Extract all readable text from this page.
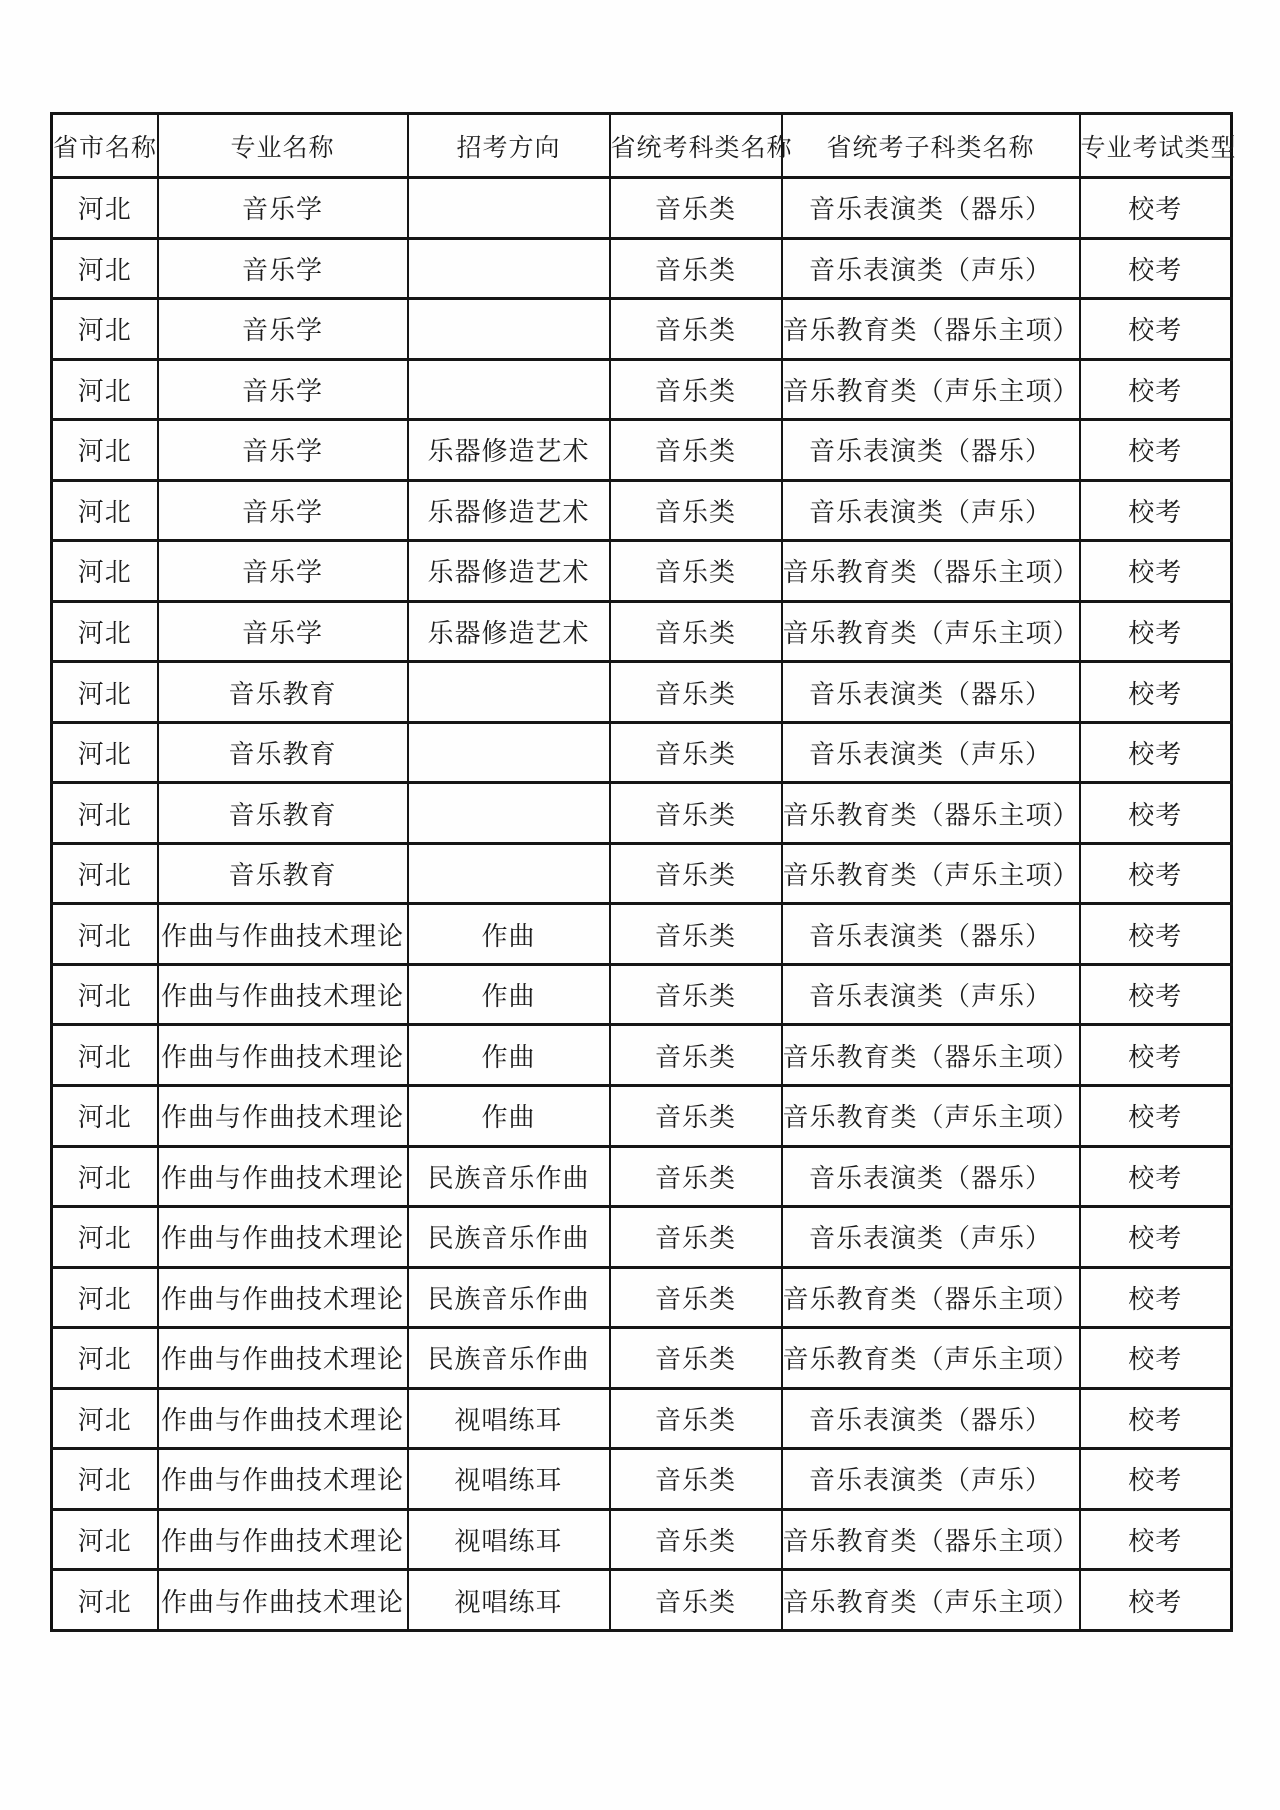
省市名称	专业名称	招考方向	省统考科类名称	省统考子科类名称	专业考试类型
河北	音乐学		音乐类	音乐表演类（器乐）	校考
河北	音乐学		音乐类	音乐表演类（声乐）	校考
河北	音乐学		音乐类	音乐教育类（器乐主项）	校考
河北	音乐学		音乐类	音乐教育类（声乐主项）	校考
河北	音乐学	乐器修造艺术	音乐类	音乐表演类（器乐）	校考
河北	音乐学	乐器修造艺术	音乐类	音乐表演类（声乐）	校考
河北	音乐学	乐器修造艺术	音乐类	音乐教育类（器乐主项）	校考
河北	音乐学	乐器修造艺术	音乐类	音乐教育类（声乐主项）	校考
河北	音乐教育		音乐类	音乐表演类（器乐）	校考
河北	音乐教育		音乐类	音乐表演类（声乐）	校考
河北	音乐教育		音乐类	音乐教育类（器乐主项）	校考
河北	音乐教育		音乐类	音乐教育类（声乐主项）	校考
河北	作曲与作曲技术理论	作曲	音乐类	音乐表演类（器乐）	校考
河北	作曲与作曲技术理论	作曲	音乐类	音乐表演类（声乐）	校考
河北	作曲与作曲技术理论	作曲	音乐类	音乐教育类（器乐主项）	校考
河北	作曲与作曲技术理论	作曲	音乐类	音乐教育类（声乐主项）	校考
河北	作曲与作曲技术理论	民族音乐作曲	音乐类	音乐表演类（器乐）	校考
河北	作曲与作曲技术理论	民族音乐作曲	音乐类	音乐表演类（声乐）	校考
河北	作曲与作曲技术理论	民族音乐作曲	音乐类	音乐教育类（器乐主项）	校考
河北	作曲与作曲技术理论	民族音乐作曲	音乐类	音乐教育类（声乐主项）	校考
河北	作曲与作曲技术理论	视唱练耳	音乐类	音乐表演类（器乐）	校考
河北	作曲与作曲技术理论	视唱练耳	音乐类	音乐表演类（声乐）	校考
河北	作曲与作曲技术理论	视唱练耳	音乐类	音乐教育类（器乐主项）	校考
河北	作曲与作曲技术理论	视唱练耳	音乐类	音乐教育类（声乐主项）	校考
